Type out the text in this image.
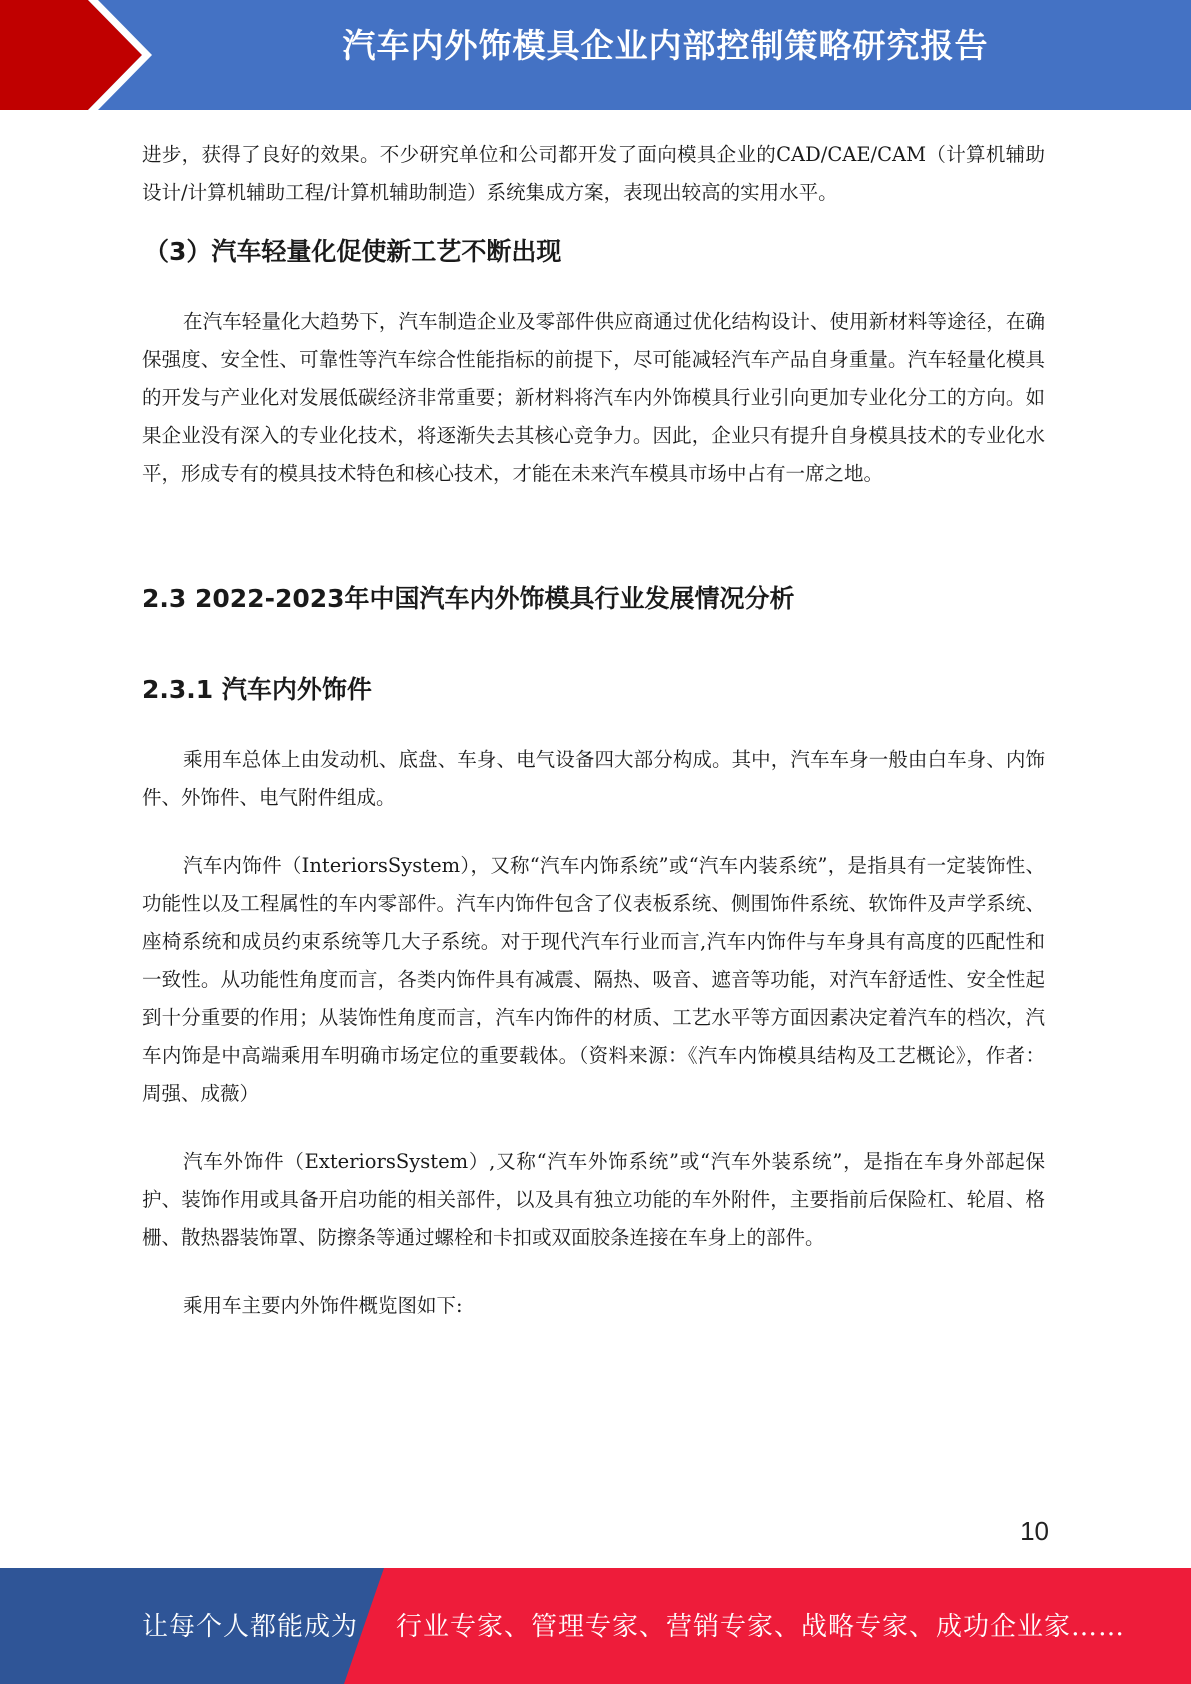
汽车内外饰模具企业内部控制策略研究报告

进步，获得了良好的效果。不少研究单位和公司都开发了面向模具企业的CAD/CAE/CAM（计算机辅助设计/计算机辅助工程/计算机辅助制造）系统集成方案，表现出较高的实用水平。

（3）汽车轻量化促使新工艺不断出现

在汽车轻量化大趋势下，汽车制造企业及零部件供应商通过优化结构设计、使用新材料等途径，在确保强度、安全性、可靠性等汽车综合性能指标的前提下，尽可能减轻汽车产品自身重量。汽车轻量化模具的开发与产业化对发展低碳经济非常重要；新材料将汽车内外饰模具行业引向更加专业化分工的方向。如果企业没有深入的专业化技术，将逐渐失去其核心竞争力。因此，企业只有提升自身模具技术的专业化水平，形成专有的模具技术特色和核心技术，才能在未来汽车模具市场中占有一席之地。

2.3 2022-2023年中国汽车内外饰模具行业发展情况分析
2.3.1 汽车内外饰件

乘用车总体上由发动机、底盘、车身、电气设备四大部分构成。其中，汽车车身一般由白车身、内饰件、外饰件、电气附件组成。

汽车内饰件（InteriorsSystem），又称“汽车内饰系统”或“汽车内装系统”，是指具有一定装饰性、功能性以及工程属性的车内零部件。汽车内饰件包含了仪表板系统、侧围饰件系统、软饰件及声学系统、座椅系统和成员约束系统等几大子系统。对于现代汽车行业而言,汽车内饰件与车身具有高度的匹配性和一致性。从功能性角度而言，各类内饰件具有减震、隔热、吸音、遮音等功能，对汽车舒适性、安全性起到十分重要的作用；从装饰性角度而言，汽车内饰件的材质、工艺水平等方面因素决定着汽车的档次，汽车内饰是中高端乘用车明确市场定位的重要载体。（资料来源：《汽车内饰模具结构及工艺概论》，作者：周强、成薇）

汽车外饰件（ExteriorsSystem）,又称“汽车外饰系统”或“汽车外装系统”，是指在车身外部起保护、装饰作用或具备开启功能的相关部件，以及具有独立功能的车外附件，主要指前后保险杠、轮眉、格栅、散热器装饰罩、防擦条等通过螺栓和卡扣或双面胶条连接在车身上的部件。

乘用车主要内外饰件概览图如下:

10
让每个人都能成为 行业专家、管理专家、营销专家、战略专家、成功企业家……
